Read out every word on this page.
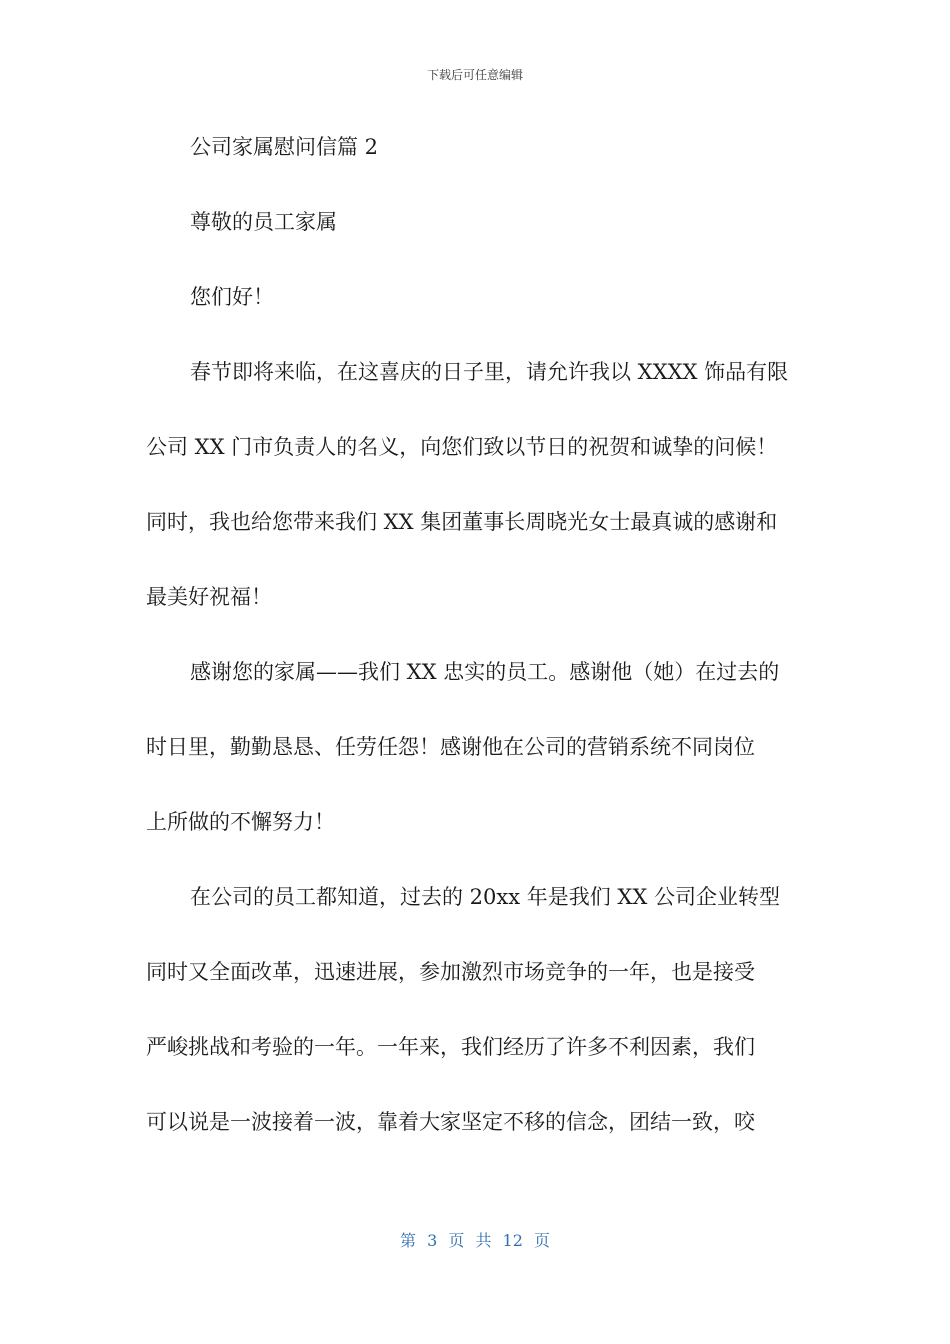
下载后可任意编辑
公司家属慰问信篇 2
尊敬的员工家属
您们好！
春节即将来临，在这喜庆的日子里，请允许我以 XXXX 饰品有限
公司 XX 门市负责人的名义，向您们致以节日的祝贺和诚挚的问候！
同时，我也给您带来我们 XX 集团董事长周晓光女士最真诚的感谢和
最美好祝福！
感谢您的家属——我们 XX 忠实的员工。感谢他（她）在过去的
时日里，勤勤恳恳、任劳任怨！感谢他在公司的营销系统不同岗位
上所做的不懈努力！
在公司的员工都知道，过去的 20xx 年是我们 XX 公司企业转型
同时又全面改革，迅速进展，参加激烈市场竞争的一年，也是接受
严峻挑战和考验的一年。一年来，我们经历了许多不利因素，我们
可以说是一波接着一波，靠着大家坚定不移的信念，团结一致，咬
第 3 页 共 12 页
